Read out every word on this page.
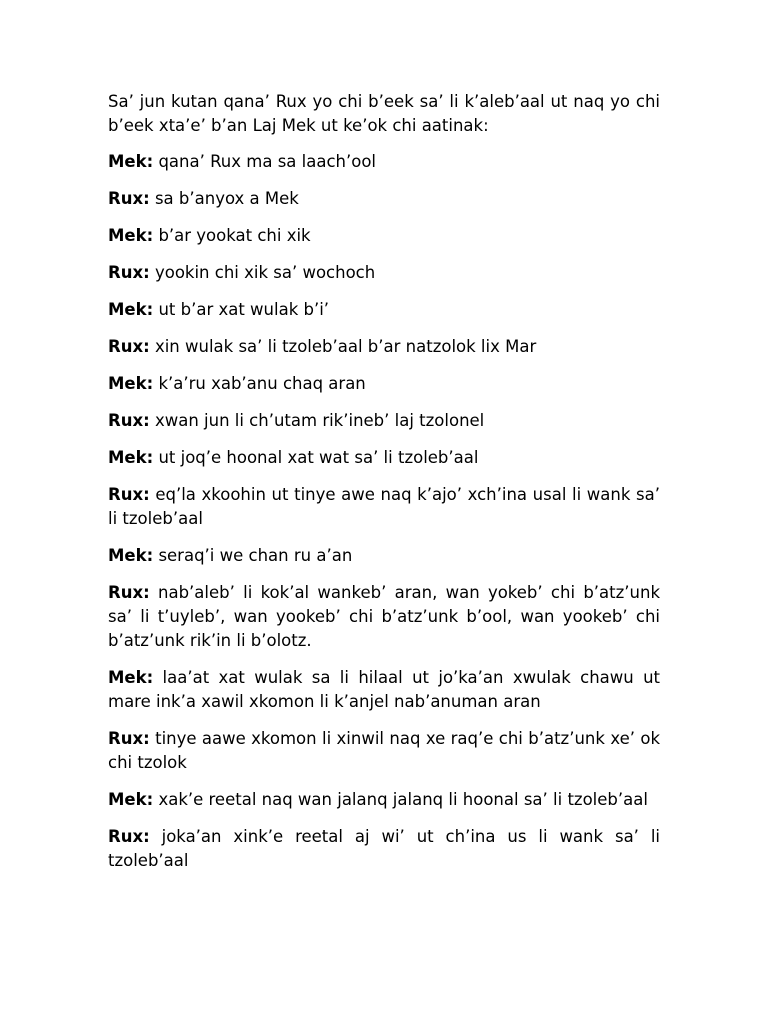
Sa’ jun kutan qana’ Rux yo chi b’eek sa’ li k’aleb’aal ut naq yo chi b’eek xta’e’ b’an Laj Mek ut ke’ok chi aatinak:

Mek: qana’ Rux ma sa laach’ool

Rux: sa b’anyox a Mek

Mek: b’ar yookat chi xik

Rux: yookin chi xik sa’ wochoch

Mek: ut b’ar xat wulak b’i’

Rux: xin wulak sa’ li tzoleb’aal b’ar natzolok lix Mar

Mek: k’a’ru xab’anu chaq aran

Rux: xwan jun li ch’utam rik’ineb’ laj tzolonel

Mek: ut joq’e hoonal xat wat sa’ li tzoleb’aal

Rux: eq’la xkoohin ut tinye awe naq k’ajo’ xch’ina usal li wank sa’ li tzoleb’aal

Mek: seraq’i we chan ru a’an

Rux: nab’aleb’ li kok’al wankeb’ aran, wan yokeb’ chi b’atz’unk sa’ li t’uyleb’, wan yookeb’ chi b’atz’unk b’ool, wan yookeb’ chi b’atz’unk rik’in li b’olotz.

Mek: laa’at xat wulak sa li hilaal ut jo’ka’an xwulak chawu ut mare ink’a xawil xkomon li k’anjel nab’anuman aran

Rux: tinye aawe xkomon li xinwil naq xe raq’e chi b’atz’unk xe’ ok chi tzolok

Mek: xak’e reetal naq wan jalanq jalanq li hoonal sa’ li tzoleb’aal

Rux: joka’an xink’e reetal aj wi’ ut ch’ina us li wank sa’ li tzoleb’aal
